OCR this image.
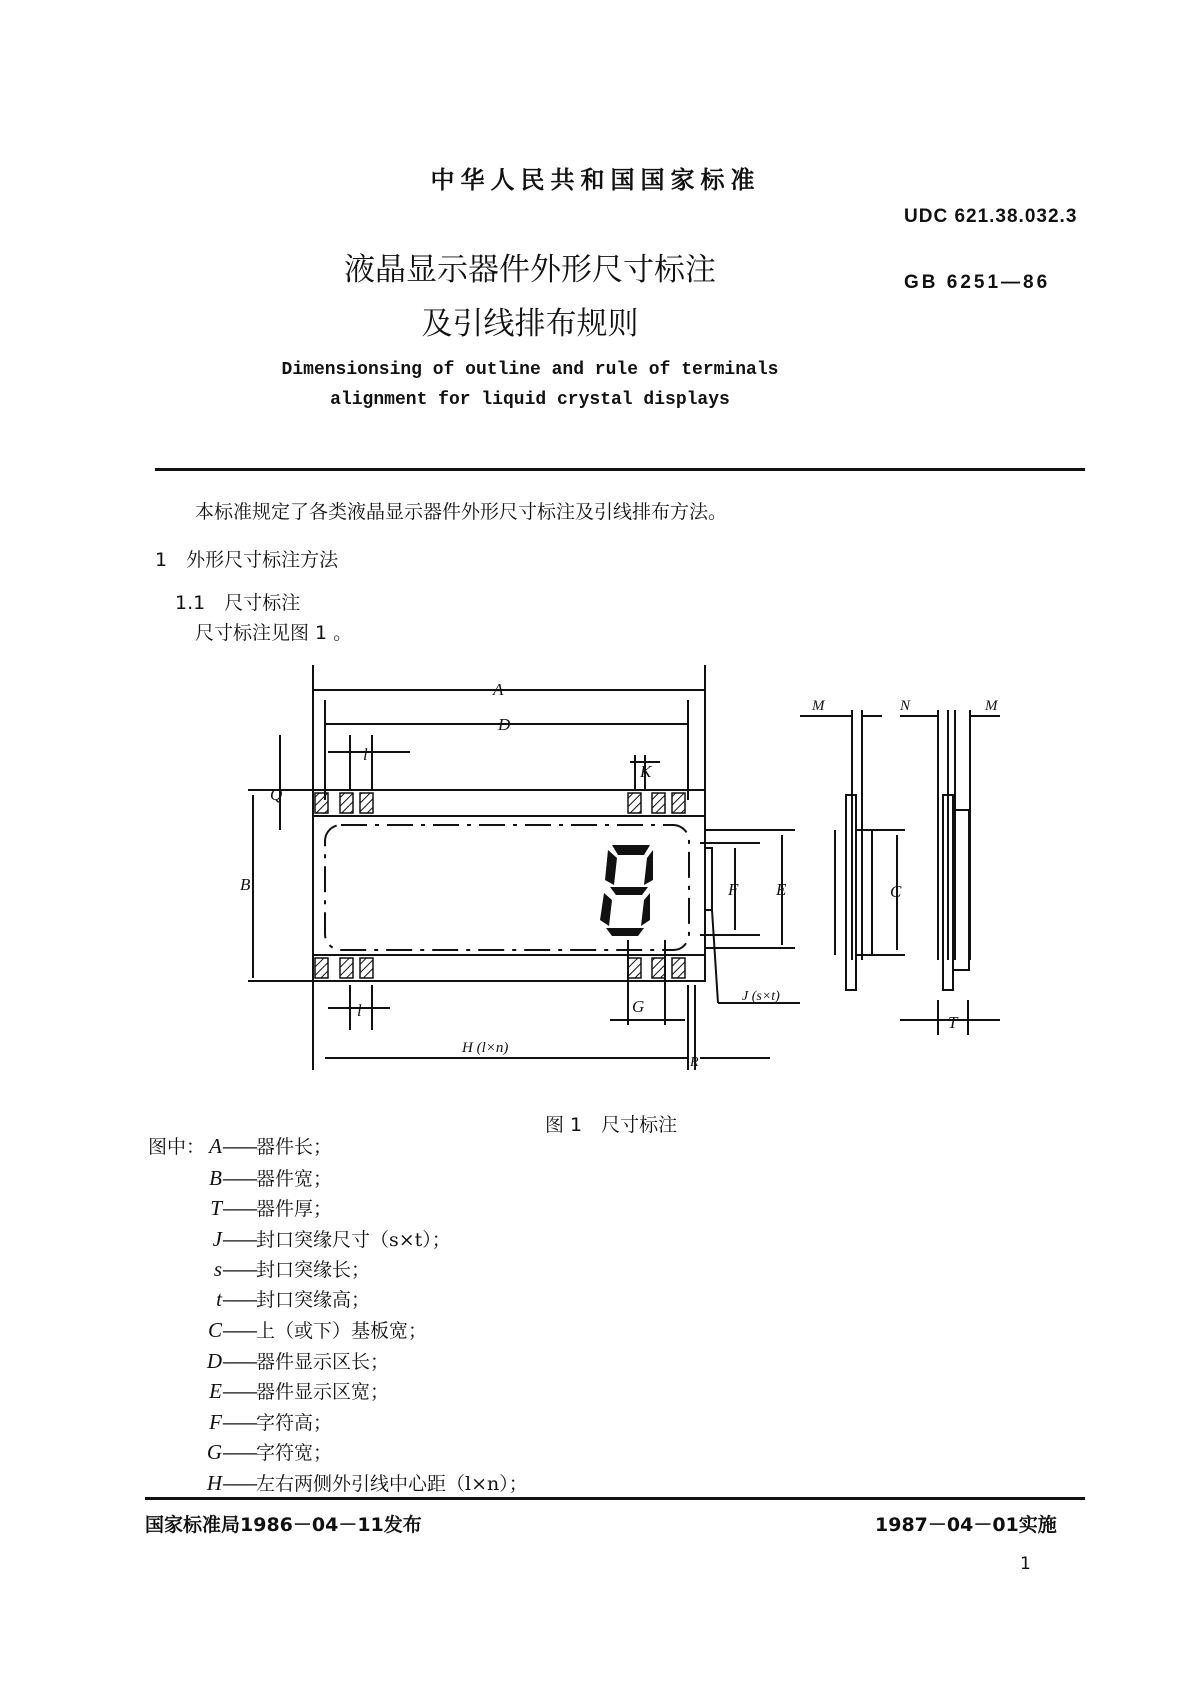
中华人民共和国国家标准
UDC 621.38.032.3
GB 6251—86
液晶显示器件外形尺寸标注
及引线排布规则
Dimensionsing of outline and rule of terminals
alignment for liquid crystal displays
本标准规定了各类液晶显示器件外形尺寸标注及引线排布方法。
1　外形尺寸标注方法
1.1　尺寸标注
尺寸标注见图 1 。
A
D
l
K
Q
B	F E
G
l
J (s×t)
H (l×n)
R
M	N	M
C
T
图 1　尺寸标注
图中： A——器件长；
B——器件宽；
T——器件厚；
J——封口突缘尺寸（s×t）；
s——封口突缘长；
t——封口突缘高；
C——上（或下）基板宽；
D——器件显示区长；
E——器件显示区宽；
F——字符高；
G——字符宽；
H——左右两侧外引线中心距（l×n）；
国家标准局1986－04－11发布	1987－04－01实施
1
